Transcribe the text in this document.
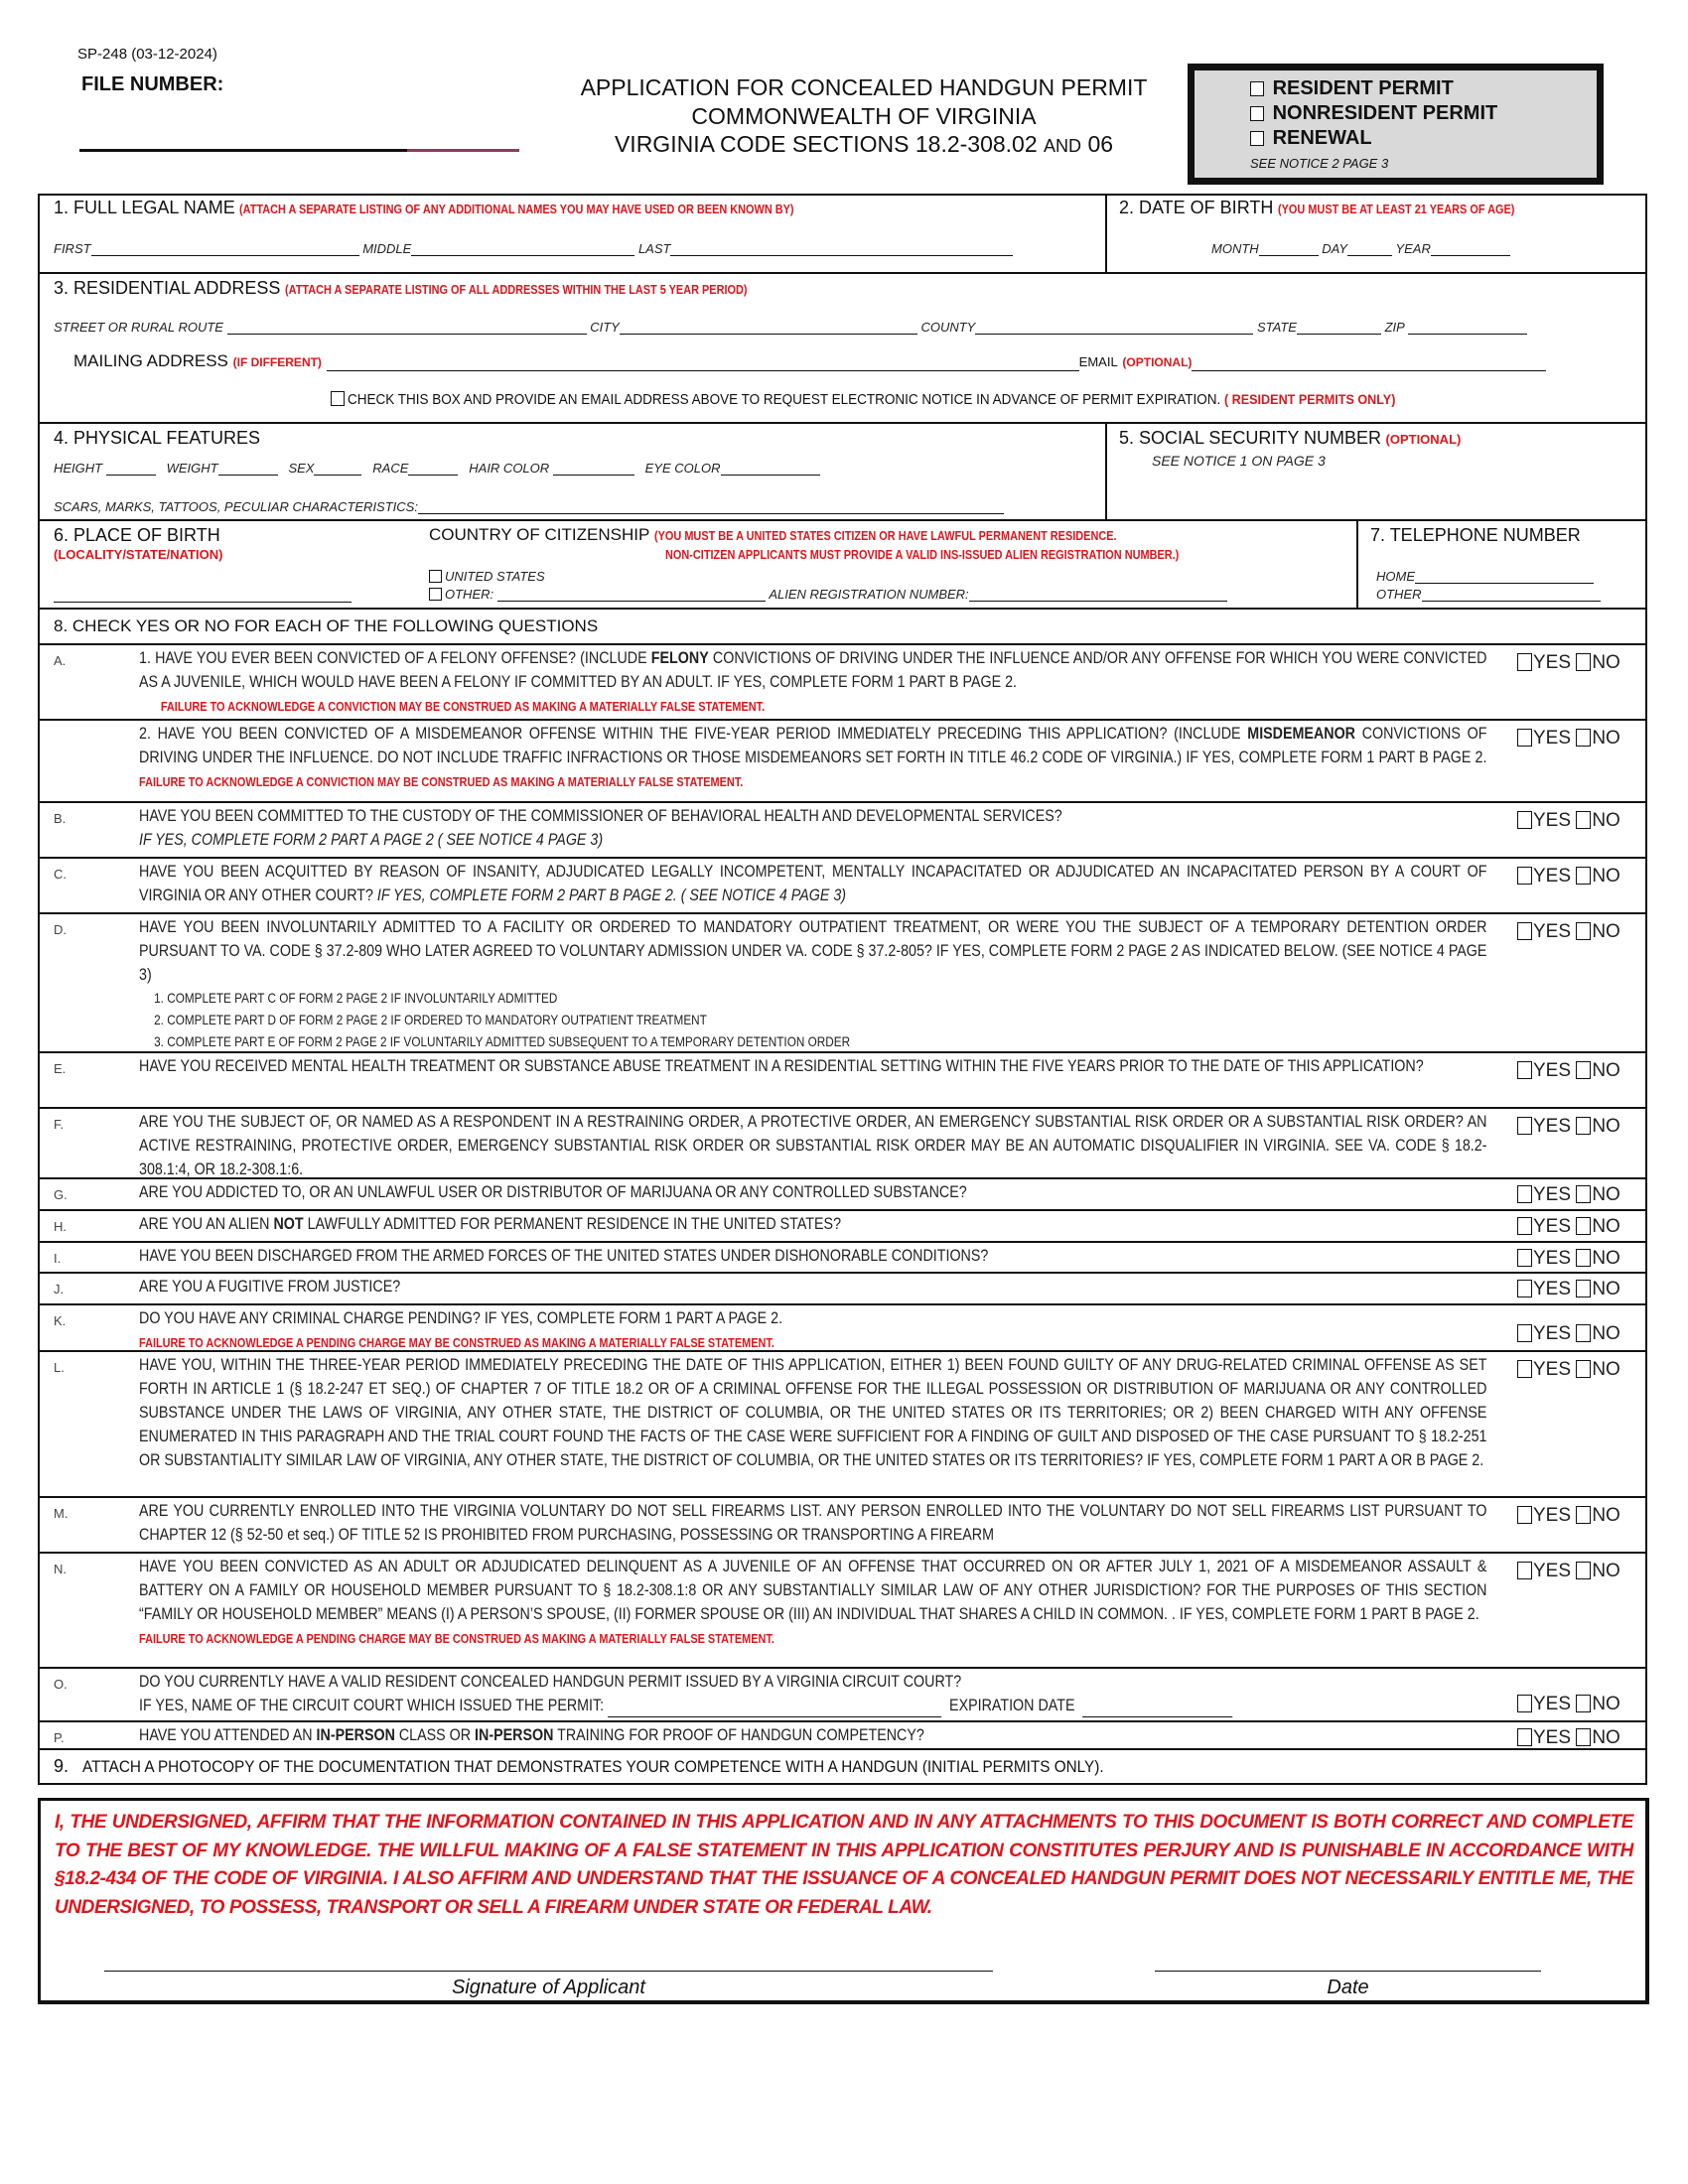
SP-248 (03-12-2024)
FILE NUMBER:	APPLICATION FOR CONCEALED HANDGUN PERMIT
COMMONWEALTH OF VIRGINIA
VIRGINIA CODE SECTIONS 18.2-308.02 AND 06
RESIDENT PERMIT
NONRESIDENT PERMIT
RENEWAL
SEE NOTICE 2 PAGE 3
1. FULL LEGAL NAME (ATTACH A SEPARATE LISTING OF ANY ADDITIONAL NAMES YOU MAY HAVE USED OR BEEN KNOWN BY)
FIRST	MIDDLE	LAST
2. DATE OF BIRTH (YOU MUST BE AT LEAST 21 YEARS OF AGE)
MONTH	DAY	YEAR
3. RESIDENTIAL ADDRESS (ATTACH A SEPARATE LISTING OF ALL ADDRESSES WITHIN THE LAST 5 YEAR PERIOD)
STREET OR RURAL ROUTE	CITY	COUNTY	STATE	ZIP
MAILING ADDRESS (IF DIFFERENT)	EMAIL (OPTIONAL)
CHECK THIS BOX AND PROVIDE AN EMAIL ADDRESS ABOVE TO REQUEST ELECTRONIC NOTICE IN ADVANCE OF PERMIT EXPIRATION. ( RESIDENT PERMITS ONLY)
4. PHYSICAL FEATURES
HEIGHT	WEIGHT	SEX	RACE	HAIR COLOR	EYE COLOR
SCARS, MARKS, TATTOOS, PECULIAR CHARACTERISTICS:
5. SOCIAL SECURITY NUMBER (OPTIONAL)
SEE NOTICE 1 ON PAGE 3
6. PLACE OF BIRTH
(LOCALITY/STATE/NATION)
COUNTRY OF CITIZENSHIP (YOU MUST BE A UNITED STATES CITIZEN OR HAVE LAWFUL PERMANENT RESIDENCE.
NON-CITIZEN APPLICANTS MUST PROVIDE A VALID INS-ISSUED ALIEN REGISTRATION NUMBER.)
UNITED STATES
OTHER:	ALIEN REGISTRATION NUMBER:
7. TELEPHONE NUMBER
HOME
OTHER
8. CHECK YES OR NO FOR EACH OF THE FOLLOWING QUESTIONS
A.	1. HAVE YOU EVER BEEN CONVICTED OF A FELONY OFFENSE? (INCLUDE FELONY CONVICTIONS OF DRIVING UNDER THE INFLUENCE AND/OR ANY OFFENSE FOR WHICH YOU WERE CONVICTED AS A JUVENILE, WHICH WOULD HAVE BEEN A FELONY IF COMMITTED BY AN ADULT. IF YES, COMPLETE FORM 1 PART B PAGE 2.
FAILURE TO ACKNOWLEDGE A CONVICTION MAY BE CONSTRUED AS MAKING A MATERIALLY FALSE STATEMENT.
YES NO
2. HAVE YOU BEEN CONVICTED OF A MISDEMEANOR OFFENSE WITHIN THE FIVE-YEAR PERIOD IMMEDIATELY PRECEDING THIS APPLICATION? (INCLUDE MISDEMEANOR CONVICTIONS OF DRIVING UNDER THE INFLUENCE. DO NOT INCLUDE TRAFFIC INFRACTIONS OR THOSE MISDEMEANORS SET FORTH IN TITLE 46.2 CODE OF VIRGINIA.) IF YES, COMPLETE FORM 1 PART B PAGE 2. FAILURE TO ACKNOWLEDGE A CONVICTION MAY BE CONSTRUED AS MAKING A MATERIALLY FALSE STATEMENT.
YES NO
B.	HAVE YOU BEEN COMMITTED TO THE CUSTODY OF THE COMMISSIONER OF BEHAVIORAL HEALTH AND DEVELOPMENTAL SERVICES?
IF YES, COMPLETE FORM 2 PART A PAGE 2 ( SEE NOTICE 4 PAGE 3)
YES NO
C.	HAVE YOU BEEN ACQUITTED BY REASON OF INSANITY, ADJUDICATED LEGALLY INCOMPETENT, MENTALLY INCAPACITATED OR ADJUDICATED AN INCAPACITATED PERSON BY A COURT OF VIRGINIA OR ANY OTHER COURT? IF YES, COMPLETE FORM 2 PART B PAGE 2. ( SEE NOTICE 4 PAGE 3)
YES NO
D.	HAVE YOU BEEN INVOLUNTARILY ADMITTED TO A FACILITY OR ORDERED TO MANDATORY OUTPATIENT TREATMENT, OR WERE YOU THE SUBJECT OF A TEMPORARY DETENTION ORDER PURSUANT TO VA. CODE § 37.2-809 WHO LATER AGREED TO VOLUNTARY ADMISSION UNDER VA. CODE § 37.2-805? IF YES, COMPLETE FORM 2 PAGE 2 AS INDICATED BELOW. (SEE NOTICE 4 PAGE 3)
1. COMPLETE PART C OF FORM 2 PAGE 2 IF INVOLUNTARILY ADMITTED
2. COMPLETE PART D OF FORM 2 PAGE 2 IF ORDERED TO MANDATORY OUTPATIENT TREATMENT
3. COMPLETE PART E OF FORM 2 PAGE 2 IF VOLUNTARILY ADMITTED SUBSEQUENT TO A TEMPORARY DETENTION ORDER
YES NO
E.	HAVE YOU RECEIVED MENTAL HEALTH TREATMENT OR SUBSTANCE ABUSE TREATMENT IN A RESIDENTIAL SETTING WITHIN THE FIVE YEARS PRIOR TO THE DATE OF THIS APPLICATION?	YES NO
F.	ARE YOU THE SUBJECT OF, OR NAMED AS A RESPONDENT IN A RESTRAINING ORDER, A PROTECTIVE ORDER, AN EMERGENCY SUBSTANTIAL RISK ORDER OR A SUBSTANTIAL RISK ORDER? AN ACTIVE RESTRAINING, PROTECTIVE ORDER, EMERGENCY SUBSTANTIAL RISK ORDER OR SUBSTANTIAL RISK ORDER MAY BE AN AUTOMATIC DISQUALIFIER IN VIRGINIA. SEE VA. CODE § 18.2-308.1:4, OR 18.2-308.1:6.
YES NO
G.	ARE YOU ADDICTED TO, OR AN UNLAWFUL USER OR DISTRIBUTOR OF MARIJUANA OR ANY CONTROLLED SUBSTANCE?	YES NO
H.	ARE YOU AN ALIEN NOT LAWFULLY ADMITTED FOR PERMANENT RESIDENCE IN THE UNITED STATES?	YES NO
I.	HAVE YOU BEEN DISCHARGED FROM THE ARMED FORCES OF THE UNITED STATES UNDER DISHONORABLE CONDITIONS?	YES NO
J.	ARE YOU A FUGITIVE FROM JUSTICE?	YES NO
K.	DO YOU HAVE ANY CRIMINAL CHARGE PENDING? IF YES, COMPLETE FORM 1 PART A PAGE 2.
FAILURE TO ACKNOWLEDGE A PENDING CHARGE MAY BE CONSTRUED AS MAKING A MATERIALLY FALSE STATEMENT.	YES NO
L.	HAVE YOU, WITHIN THE THREE-YEAR PERIOD IMMEDIATELY PRECEDING THE DATE OF THIS APPLICATION, EITHER 1) BEEN FOUND GUILTY OF ANY DRUG-RELATED CRIMINAL OFFENSE AS SET FORTH IN ARTICLE 1 (§ 18.2-247 ET SEQ.) OF CHAPTER 7 OF TITLE 18.2 OR OF A CRIMINAL OFFENSE FOR THE ILLEGAL POSSESSION OR DISTRIBUTION OF MARIJUANA OR ANY CONTROLLED SUBSTANCE UNDER THE LAWS OF VIRGINIA, ANY OTHER STATE, THE DISTRICT OF COLUMBIA, OR THE UNITED STATES OR ITS TERRITORIES; OR 2) BEEN CHARGED WITH ANY OFFENSE ENUMERATED IN THIS PARAGRAPH AND THE TRIAL COURT FOUND THE FACTS OF THE CASE WERE SUFFICIENT FOR A FINDING OF GUILT AND DISPOSED OF THE CASE PURSUANT TO § 18.2-251 OR SUBSTANTIALITY SIMILAR LAW OF VIRGINIA, ANY OTHER STATE, THE DISTRICT OF COLUMBIA, OR THE UNITED STATES OR ITS TERRITORIES? IF YES, COMPLETE FORM 1 PART A OR B PAGE 2.
YES NO
M.	ARE YOU CURRENTLY ENROLLED INTO THE VIRGINIA VOLUNTARY DO NOT SELL FIREARMS LIST. ANY PERSON ENROLLED INTO THE VOLUNTARY DO NOT SELL FIREARMS LIST PURSUANT TO CHAPTER 12 (§ 52-50 et seq.) OF TITLE 52 IS PROHIBITED FROM PURCHASING, POSSESSING OR TRANSPORTING A FIREARM
YES NO
N.	HAVE YOU BEEN CONVICTED AS AN ADULT OR ADJUDICATED DELINQUENT AS A JUVENILE OF AN OFFENSE THAT OCCURRED ON OR AFTER JULY 1, 2021 OF A MISDEMEANOR ASSAULT & BATTERY ON A FAMILY OR HOUSEHOLD MEMBER PURSUANT TO § 18.2-308.1:8 OR ANY SUBSTANTIALLY SIMILAR LAW OF ANY OTHER JURISDICTION? FOR THE PURPOSES OF THIS SECTION “FAMILY OR HOUSEHOLD MEMBER” MEANS (I) A PERSON’S SPOUSE, (II) FORMER SPOUSE OR (III) AN INDIVIDUAL THAT SHARES A CHILD IN COMMON. . IF YES, COMPLETE FORM 1 PART B PAGE 2.
FAILURE TO ACKNOWLEDGE A PENDING CHARGE MAY BE CONSTRUED AS MAKING A MATERIALLY FALSE STATEMENT.
YES NO
O.	DO YOU CURRENTLY HAVE A VALID RESIDENT CONCEALED HANDGUN PERMIT ISSUED BY A VIRGINIA CIRCUIT COURT?
IF YES, NAME OF THE CIRCUIT COURT WHICH ISSUED THE PERMIT:	EXPIRATION DATE	YES NO
P.	HAVE YOU ATTENDED AN IN-PERSON CLASS OR IN-PERSON TRAINING FOR PROOF OF HANDGUN COMPETENCY?	YES NO
9. ATTACH A PHOTOCOPY OF THE DOCUMENTATION THAT DEMONSTRATES YOUR COMPETENCE WITH A HANDGUN (INITIAL PERMITS ONLY).
I, THE UNDERSIGNED, AFFIRM THAT THE INFORMATION CONTAINED IN THIS APPLICATION AND IN ANY ATTACHMENTS TO THIS DOCUMENT IS BOTH CORRECT AND COMPLETE TO THE BEST OF MY KNOWLEDGE. THE WILLFUL MAKING OF A FALSE STATEMENT IN THIS APPLICATION CONSTITUTES PERJURY AND IS PUNISHABLE IN ACCORDANCE WITH §18.2-434 OF THE CODE OF VIRGINIA. I ALSO AFFIRM AND UNDERSTAND THAT THE ISSUANCE OF A CONCEALED HANDGUN PERMIT DOES NOT NECESSARILY ENTITLE ME, THE UNDERSIGNED, TO POSSESS, TRANSPORT OR SELL A FIREARM UNDER STATE OR FEDERAL LAW.
Signature of Applicant	Date
